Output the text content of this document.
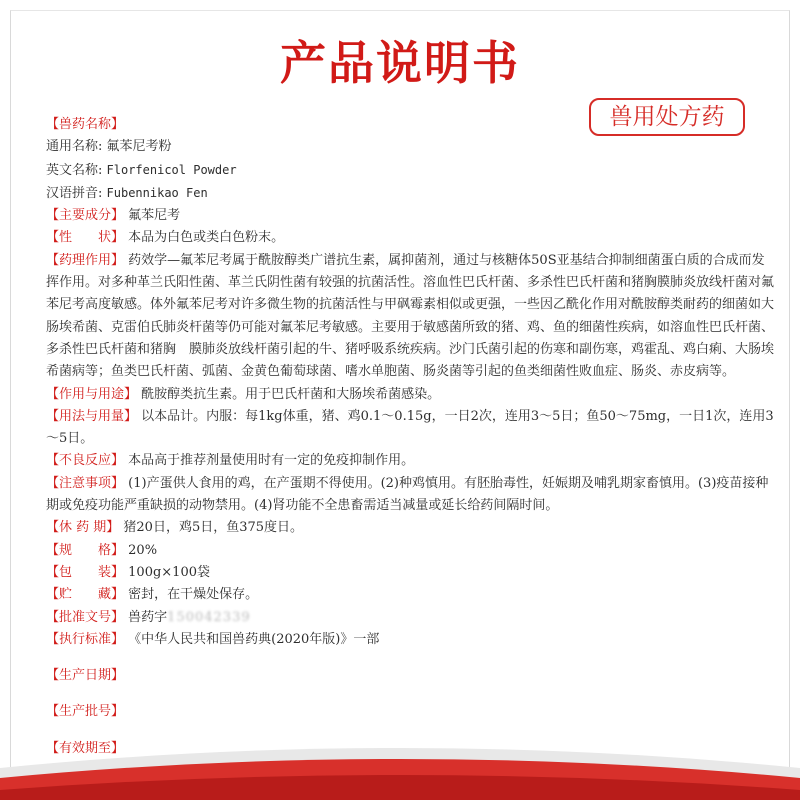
产品说明书
兽用处方药

【兽药名称】

通用名称: 氟苯尼考粉

英文名称: Florfenicol Powder

汉语拼音: Fubennikao Fen

【主要成分】 氟苯尼考

【性　　状】 本品为白色或类白色粉末。

【药理作用】 药效学—氟苯尼考属于酰胺醇类广谱抗生素，属抑菌剂，通过与核糖体50S亚基结合抑制细菌蛋白质的合成而发挥作用。对多种革兰氏阳性菌、革兰氏阴性菌有较强的抗菌活性。溶血性巴氏杆菌、多杀性巴氏杆菌和猪胸膜肺炎放线杆菌对氟苯尼考高度敏感。体外氟苯尼考对许多微生物的抗菌活性与甲砜霉素相似或更强，一些因乙酰化作用对酰胺醇类耐药的细菌如大肠埃希菌、克雷伯氏肺炎杆菌等仍可能对氟苯尼考敏感。主要用于敏感菌所致的猪、鸡、鱼的细菌性疾病，如溶血性巴氏杆菌、多杀性巴氏杆菌和猪胸　膜肺炎放线杆菌引起的牛、猪呼吸系统疾病。沙门氏菌引起的伤寒和副伤寒，鸡霍乱、鸡白痢、大肠埃希菌病等；鱼类巴氏杆菌、弧菌、金黄色葡萄球菌、嗜水单胞菌、肠炎菌等引起的鱼类细菌性败血症、肠炎、赤皮病等。

【作用与用途】 酰胺醇类抗生素。用于巴氏杆菌和大肠埃希菌感染。

【用法与用量】 以本品计。内服：每1kg体重，猪、鸡0.1～0.15g，一日2次，连用3～5日；鱼50～75mg，一日1次，连用3～5日。

【不良反应】 本品高于推荐剂量使用时有一定的免疫抑制作用。

【注意事项】 (1)产蛋供人食用的鸡，在产蛋期不得使用。(2)种鸡慎用。有胚胎毒性，妊娠期及哺乳期家畜慎用。(3)疫苗接种期或免疫功能严重缺损的动物禁用。(4)肾功能不全患畜需适当减量或延长给药间隔时间。

【休 药 期】 猪20日，鸡5日，鱼375度日。

【规　　格】 20%

【包　　装】 100g×100袋

【贮　　藏】 密封，在干燥处保存。

【批准文号】 兽药字150042339

【执行标准】 《中华人民共和国兽药典(2020年版)》一部

【生产日期】

【生产批号】

【有效期至】
